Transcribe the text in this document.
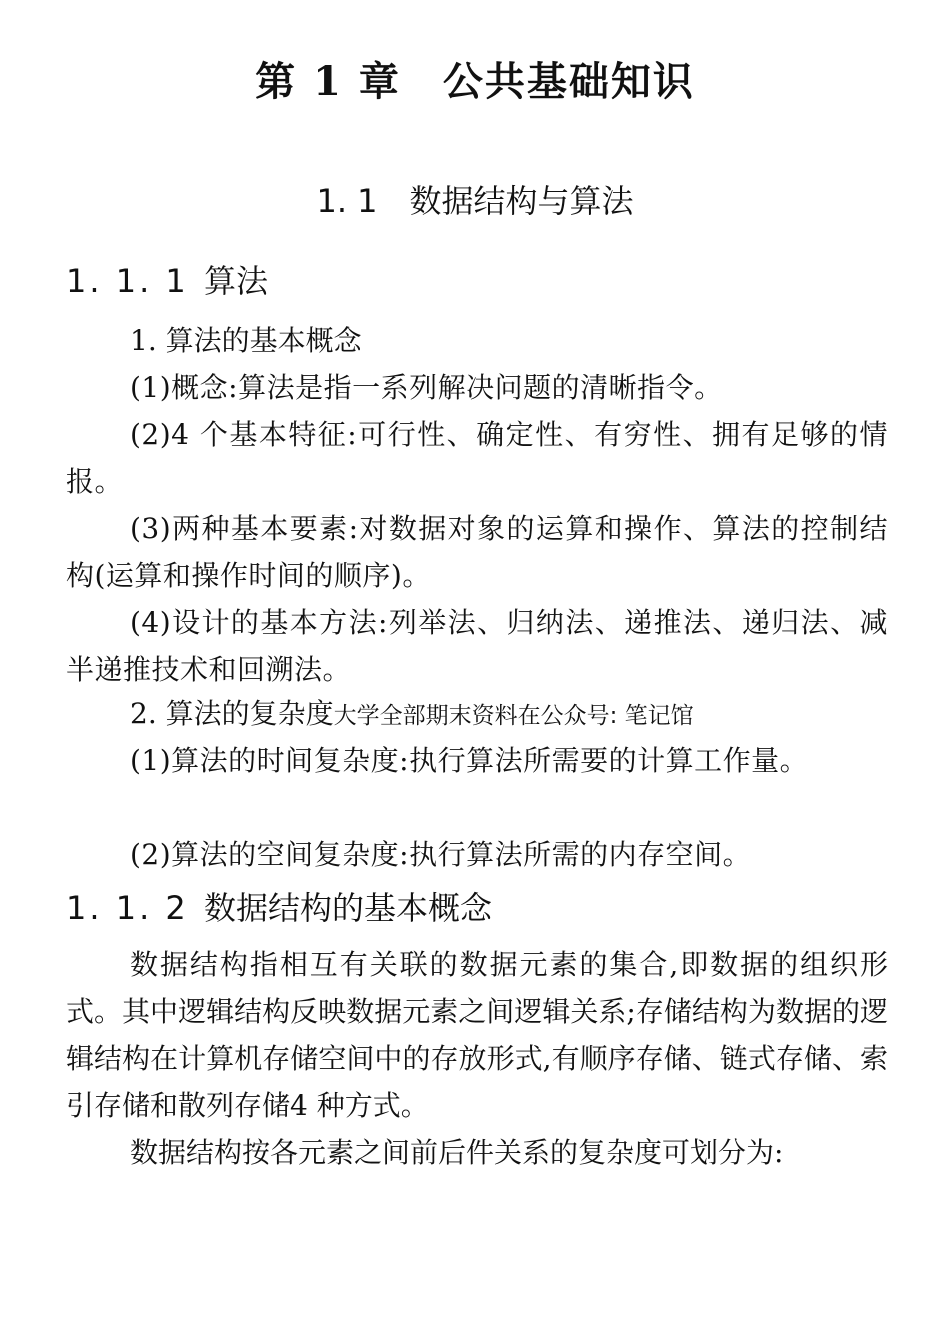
第 1 章　公共基础知识
1. 1　数据结构与算法
1. 1. 1 算法

1. 算法的基本概念

(1)概念:算法是指一系列解决问题的清晰指令。

(2)4 个基本特征:可行性、确定性、有穷性、拥有足够的情报。

(3)两种基本要素:对数据对象的运算和操作、算法的控制结构(运算和操作时间的顺序)。

(4)设计的基本方法:列举法、归纳法、递推法、递归法、减半递推技术和回溯法。

2. 算法的复杂度大学全部期末资料在公众号: 笔记馆

(1)算法的时间复杂度:执行算法所需要的计算工作量。

(2)算法的空间复杂度:执行算法所需的内存空间。

1. 1. 2 数据结构的基本概念

数据结构指相互有关联的数据元素的集合,即数据的组织形式。其中逻辑结构反映数据元素之间逻辑关系;存储结构为数据的逻辑结构在计算机存储空间中的存放形式,有顺序存储、链式存储、索引存储和散列存储4 种方式。

数据结构按各元素之间前后件关系的复杂度可划分为:
